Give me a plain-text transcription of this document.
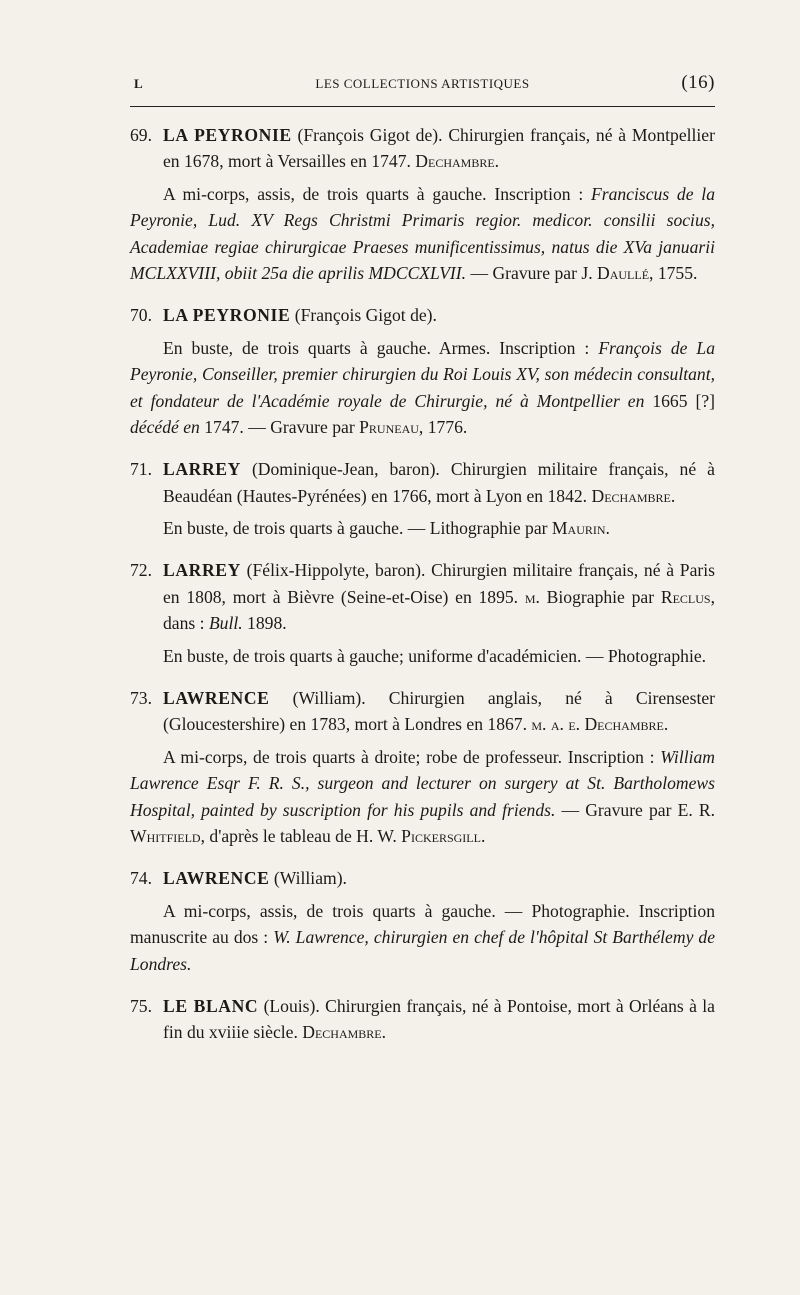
L	LES COLLECTIONS ARTISTIQUES	(16)

69. LA PEYRONIE (François Gigot de). Chirurgien français, né à Montpellier en 1678, mort à Versailles en 1747. Dechambre.

A mi-corps, assis, de trois quarts à gauche. Inscription : Franciscus de la Peyronie, Lud. XV Regs Christmi Primaris regior. medicor. consilii socius, Academiae regiae chirurgicae Praeses munificentissimus, natus die XVa januarii MCLXXVIII, obiit 25a die aprilis MDCCXLVII. — Gravure par J. Daullé, 1755.

70. LA PEYRONIE (François Gigot de).

En buste, de trois quarts à gauche. Armes. Inscription : François de La Peyronie, Conseiller, premier chirurgien du Roi Louis XV, son médecin consultant, et fondateur de l'Académie royale de Chirurgie, né à Montpellier en 1665 [?] décédé en 1747. — Gravure par Pruneau, 1776.

71. LARREY (Dominique-Jean, baron). Chirurgien militaire français, né à Beaudéan (Hautes-Pyrénées) en 1766, mort à Lyon en 1842. Dechambre.

En buste, de trois quarts à gauche. — Lithographie par Maurin.

72. LARREY (Félix-Hippolyte, baron). Chirurgien militaire français, né à Paris en 1808, mort à Bièvre (Seine-et-Oise) en 1895. m. Biographie par Reclus, dans : Bull. 1898.

En buste, de trois quarts à gauche; uniforme d'académicien. — Photographie.

73. LAWRENCE (William). Chirurgien anglais, né à Cirensester (Gloucestershire) en 1783, mort à Londres en 1867. m. a. e. Dechambre.

A mi-corps, de trois quarts à droite; robe de professeur. Inscription : William Lawrence Esqr F. R. S., surgeon and lecturer on surgery at St. Bartholomews Hospital, painted by suscription for his pupils and friends. — Gravure par E. R. Whitfield, d'après le tableau de H. W. Pickersgill.

74. LAWRENCE (William).

A mi-corps, assis, de trois quarts à gauche. — Photographie. Inscription manuscrite au dos : W. Lawrence, chirurgien en chef de l'hôpital St Barthélemy de Londres.

75. LE BLANC (Louis). Chirurgien français, né à Pontoise, mort à Orléans à la fin du xviiie siècle. Dechambre.
